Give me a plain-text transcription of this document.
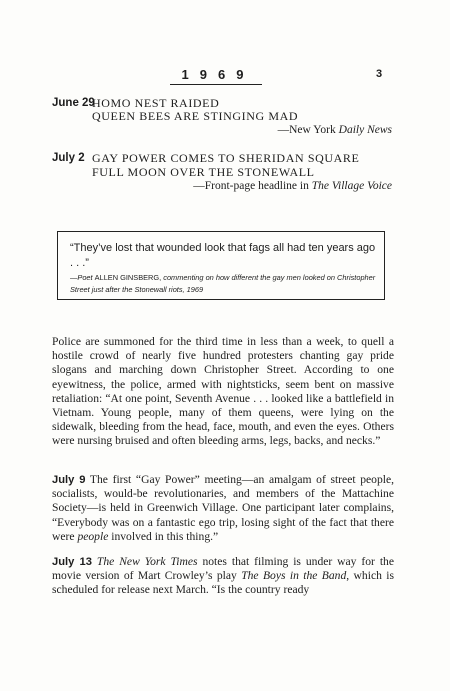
1969	3
June 29
HOMO NEST RAIDED
QUEEN BEES ARE STINGING MAD
—New York Daily News
July 2 GAY POWER COMES TO SHERIDAN SQUARE
FULL MOON OVER THE STONEWALL
—Front-page headline in The Village Voice
“They’ve lost that wounded look that fags all had ten years ago . . .”
—Poet ALLEN GINSBERG, commenting on how different the gay men looked on Christopher Street just after the Stonewall riots, 1969
Police are summoned for the third time in less than a week, to quell a hostile crowd of nearly five hundred protesters chanting gay pride slogans and marching down Christopher Street. According to one eyewitness, the police, armed with nightsticks, seem bent on massive retaliation: “At one point, Seventh Avenue . . . looked like a battlefield in Vietnam. Young people, many of them queens, were lying on the sidewalk, bleeding from the head, face, mouth, and even the eyes. Others were nursing bruised and often bleeding arms, legs, backs, and necks.”
July 9 The first “Gay Power” meeting—an amalgam of street people, socialists, would-be revolutionaries, and members of the Mattachine Society—is held in Greenwich Village. One participant later complains, “Everybody was on a fantastic ego trip, losing sight of the fact that there were people involved in this thing.”
July 13 The New York Times notes that filming is under way for the movie version of Mart Crowley’s play The Boys in the Band, which is scheduled for release next March. “Is the country ready
